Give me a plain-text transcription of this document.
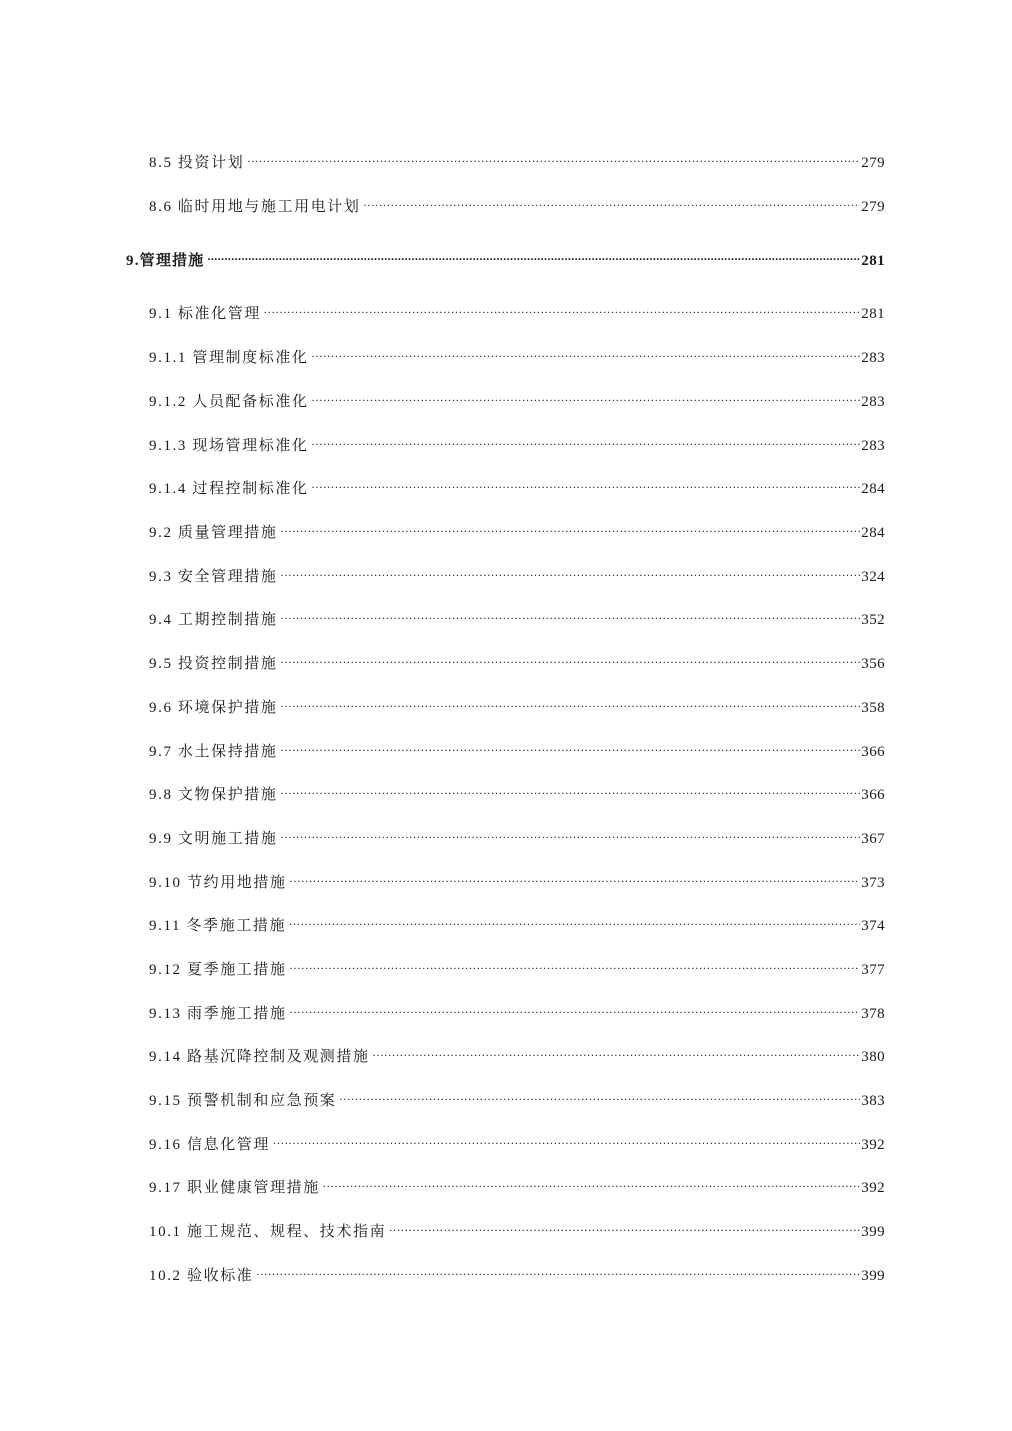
8.5 投资计划 .....	279
8.6 临时用地与施工用电计划 .....	279
9.管理措施 .....	281
9.1 标准化管理 .....	281
9.1.1 管理制度标准化 .....	283
9.1.2 人员配备标准化 .....	283
9.1.3 现场管理标准化 .....	283
9.1.4 过程控制标准化 .....	284
9.2 质量管理措施 .....	284
9.3 安全管理措施 .....	324
9.4 工期控制措施 .....	352
9.5 投资控制措施 .....	356
9.6 环境保护措施 .....	358
9.7 水土保持措施 .....	366
9.8 文物保护措施 .....	366
9.9 文明施工措施 .....	367
9.10 节约用地措施 .....	373
9.11 冬季施工措施 .....	374
9.12 夏季施工措施 .....	377
9.13 雨季施工措施 .....	378
9.14 路基沉降控制及观测措施 .....	380
9.15 预警机制和应急预案 .....	383
9.16 信息化管理 .....	392
9.17 职业健康管理措施 .....	392
10.1 施工规范、规程、技术指南 .....	399
10.2 验收标准 .....	399
